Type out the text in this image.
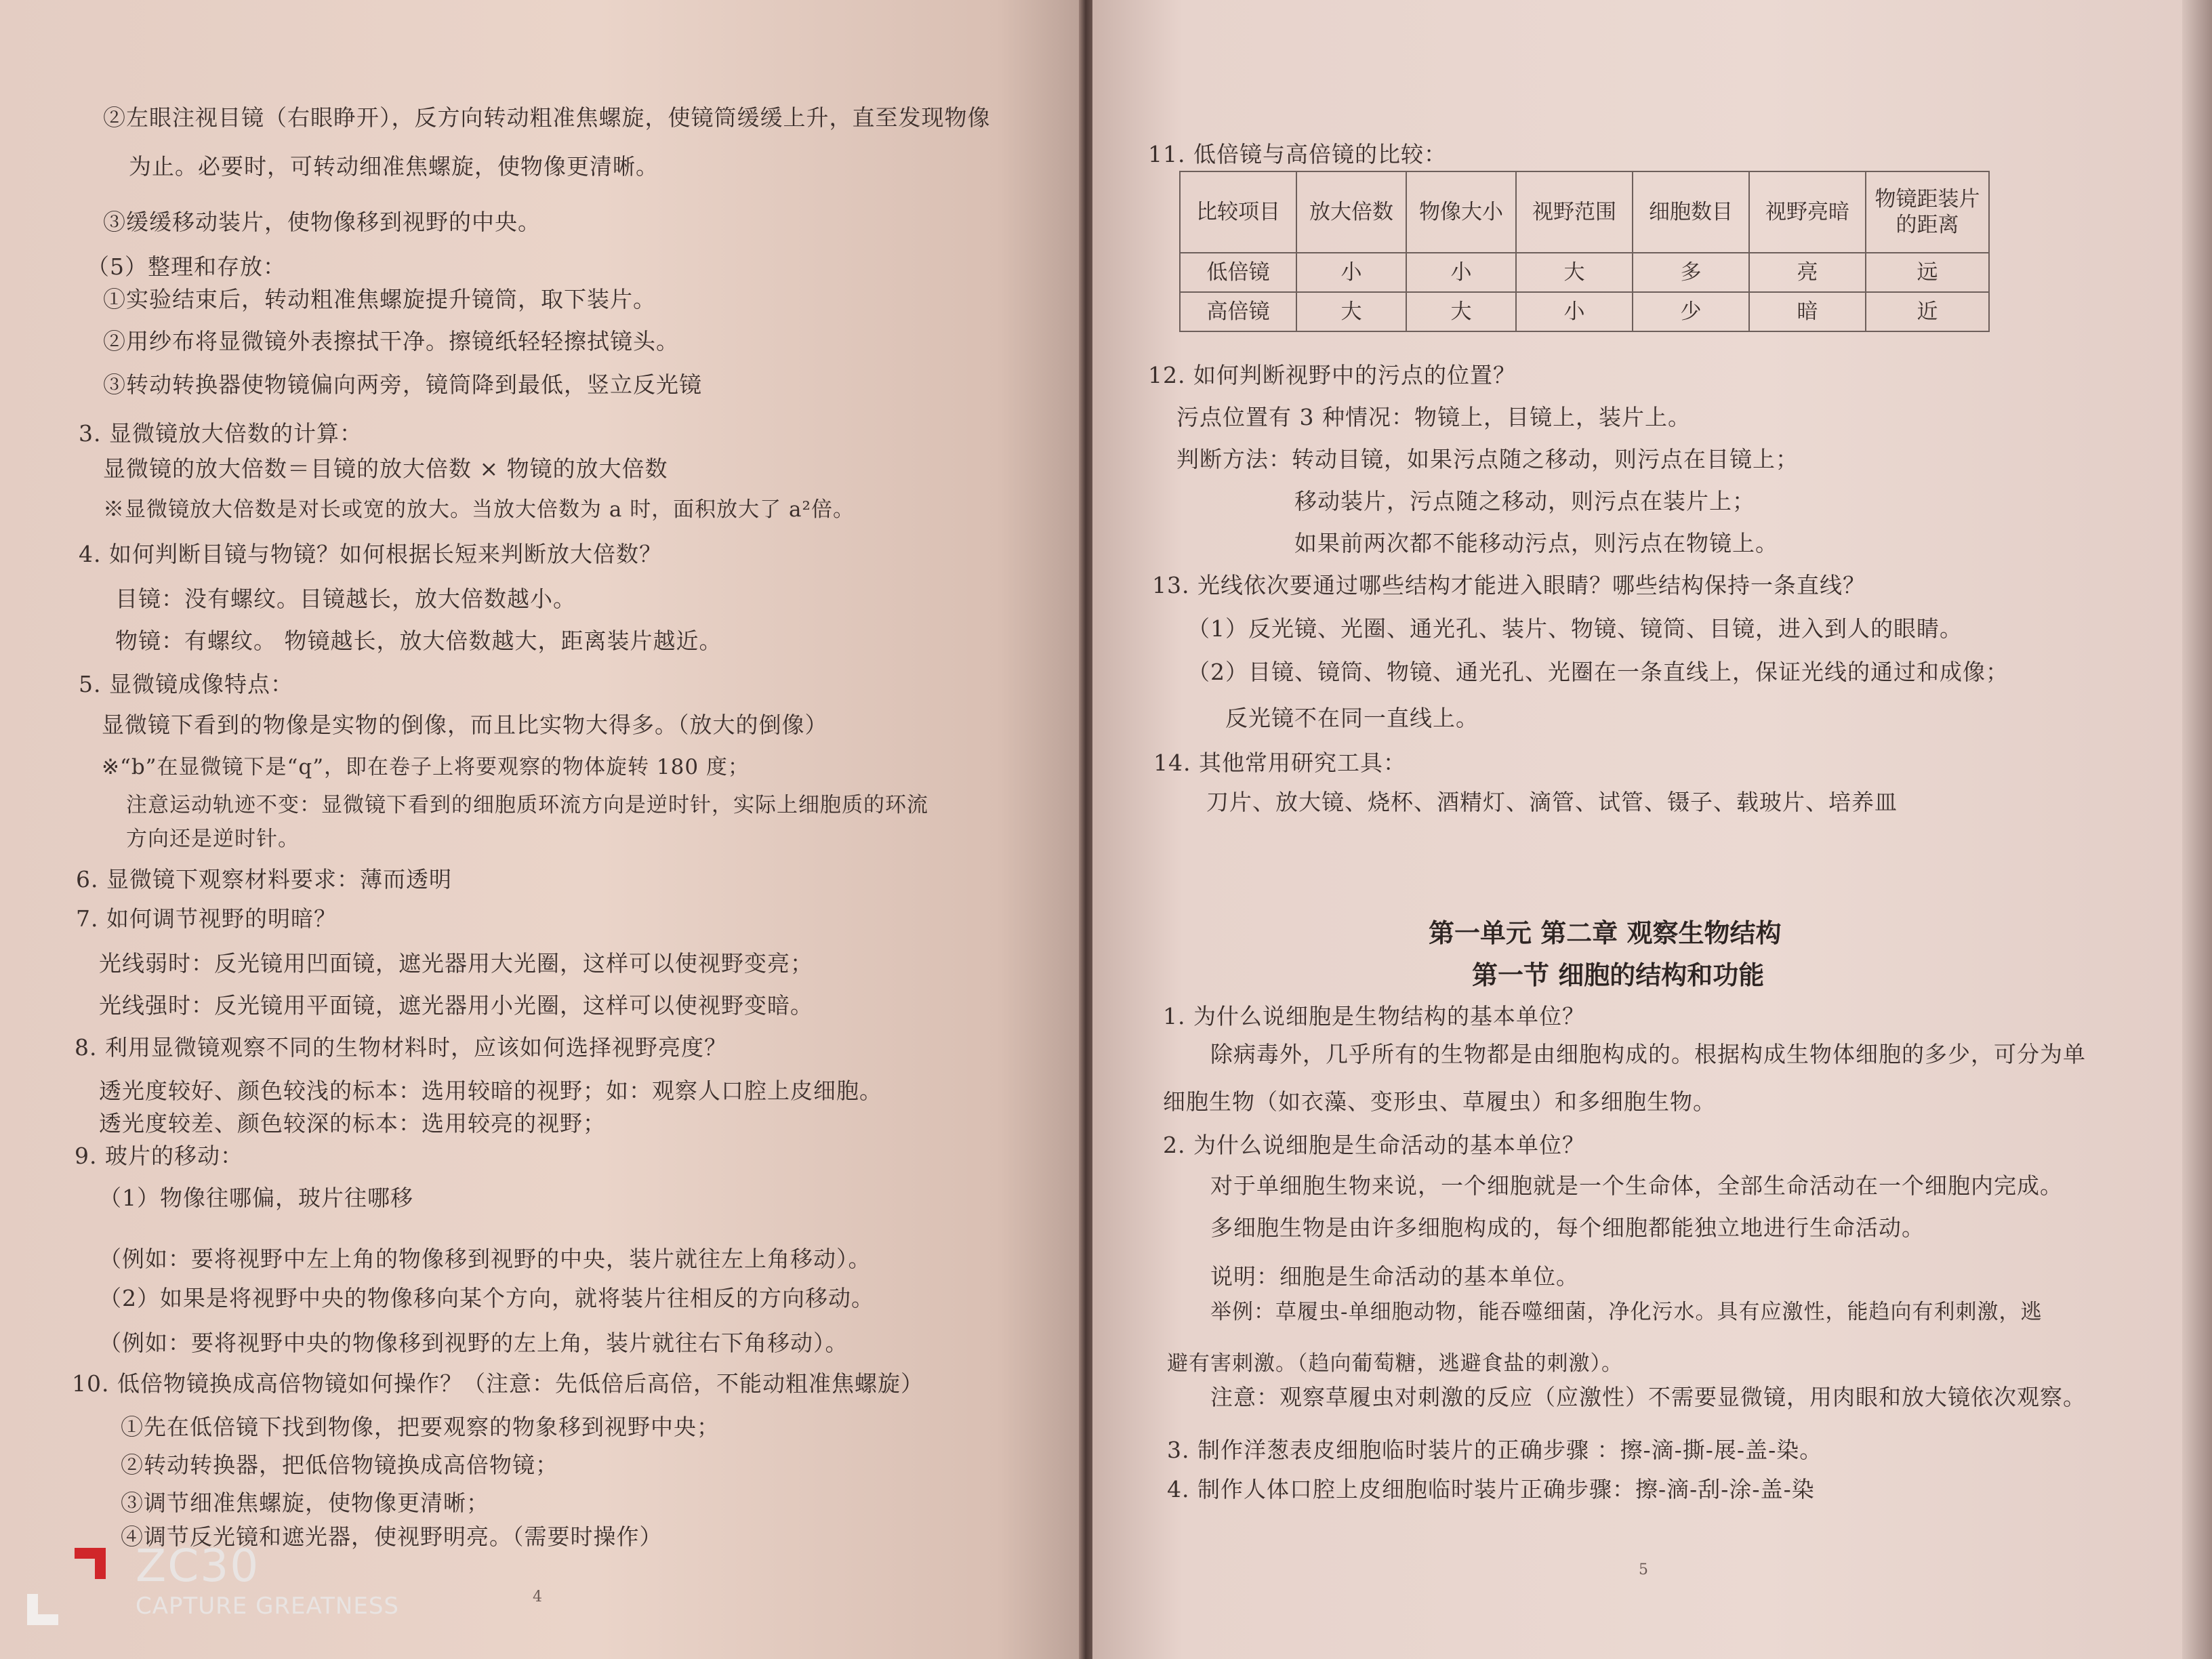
②左眼注视目镜（右眼睁开），反方向转动粗准焦螺旋，使镜筒缓缓上升，直至发现物像
为止。必要时，可转动细准焦螺旋，使物像更清晰。
③缓缓移动装片，使物像移到视野的中央。
（5）整理和存放：
①实验结束后，转动粗准焦螺旋提升镜筒，取下装片。
②用纱布将显微镜外表擦拭干净。擦镜纸轻轻擦拭镜头。
③转动转换器使物镜偏向两旁，镜筒降到最低，竖立反光镜
3. 显微镜放大倍数的计算：
显微镜的放大倍数＝目镜的放大倍数 × 物镜的放大倍数
※显微镜放大倍数是对长或宽的放大。当放大倍数为 a 时，面积放大了 a²倍。
4. 如何判断目镜与物镜？如何根据长短来判断放大倍数？
目镜：没有螺纹。目镜越长，放大倍数越小。
物镜：有螺纹。 物镜越长，放大倍数越大，距离装片越近。
5. 显微镜成像特点：
显微镜下看到的物像是实物的倒像，而且比实物大得多。（放大的倒像）
※“b”在显微镜下是“q”，即在卷子上将要观察的物体旋转 180 度；
注意运动轨迹不变：显微镜下看到的细胞质环流方向是逆时针，实际上细胞质的环流
方向还是逆时针。
6. 显微镜下观察材料要求：薄而透明
7. 如何调节视野的明暗？
光线弱时：反光镜用凹面镜，遮光器用大光圈，这样可以使视野变亮；
光线强时：反光镜用平面镜，遮光器用小光圈，这样可以使视野变暗。
8. 利用显微镜观察不同的生物材料时，应该如何选择视野亮度？
透光度较好、颜色较浅的标本：选用较暗的视野；如：观察人口腔上皮细胞。
透光度较差、颜色较深的标本：选用较亮的视野；
9. 玻片的移动：
（1）物像往哪偏，玻片往哪移
（例如：要将视野中左上角的物像移到视野的中央，装片就往左上角移动）。
（2）如果是将视野中央的物像移向某个方向，就将装片往相反的方向移动。
（例如：要将视野中央的物像移到视野的左上角，装片就往右下角移动）。
10. 低倍物镜换成高倍物镜如何操作？（注意：先低倍后高倍，不能动粗准焦螺旋）
①先在低倍镜下找到物像，把要观察的物象移到视野中央；
②转动转换器，把低倍物镜换成高倍物镜；
③调节细准焦螺旋，使物像更清晰；
④调节反光镜和遮光器，使视野明亮。（需要时操作）
4
11. 低倍镜与高倍镜的比较：
比较项目	放大倍数	物像大小	视野范围	细胞数目	视野亮暗	物镜距装片
的距离

低倍镜	小	小	大	多	亮	远
高倍镜	大	大	小	少	暗	近
12. 如何判断视野中的污点的位置？
污点位置有 3 种情况：物镜上，目镜上，装片上。
判断方法：转动目镜，如果污点随之移动，则污点在目镜上；
移动装片，污点随之移动，则污点在装片上；
如果前两次都不能移动污点，则污点在物镜上。
13. 光线依次要通过哪些结构才能进入眼睛？哪些结构保持一条直线？
（1）反光镜、光圈、通光孔、装片、物镜、镜筒、目镜，进入到人的眼睛。
（2）目镜、镜筒、物镜、通光孔、光圈在一条直线上，保证光线的通过和成像；
反光镜不在同一直线上。
14. 其他常用研究工具：
刀片、放大镜、烧杯、酒精灯、滴管、试管、镊子、载玻片、培养皿
第一单元 第二章 观察生物结构
第一节 细胞的结构和功能
1. 为什么说细胞是生物结构的基本单位？
除病毒外，几乎所有的生物都是由细胞构成的。根据构成生物体细胞的多少，可分为单
细胞生物（如衣藻、变形虫、草履虫）和多细胞生物。
2. 为什么说细胞是生命活动的基本单位？
对于单细胞生物来说，一个细胞就是一个生命体，全部生命活动在一个细胞内完成。
多细胞生物是由许多细胞构成的，每个细胞都能独立地进行生命活动。
说明：细胞是生命活动的基本单位。
举例：草履虫-单细胞动物，能吞噬细菌，净化污水。具有应激性，能趋向有利刺激，逃
避有害刺激。（趋向葡萄糖，逃避食盐的刺激）。
注意：观察草履虫对刺激的反应（应激性）不需要显微镜，用肉眼和放大镜依次观察。
3. 制作洋葱表皮细胞临时装片的正确步骤 ：擦-滴-撕-展-盖-染。
4. 制作人体口腔上皮细胞临时装片正确步骤：擦-滴-刮-涂-盖-染
5
ZC30
CAPTURE GREATNESS
